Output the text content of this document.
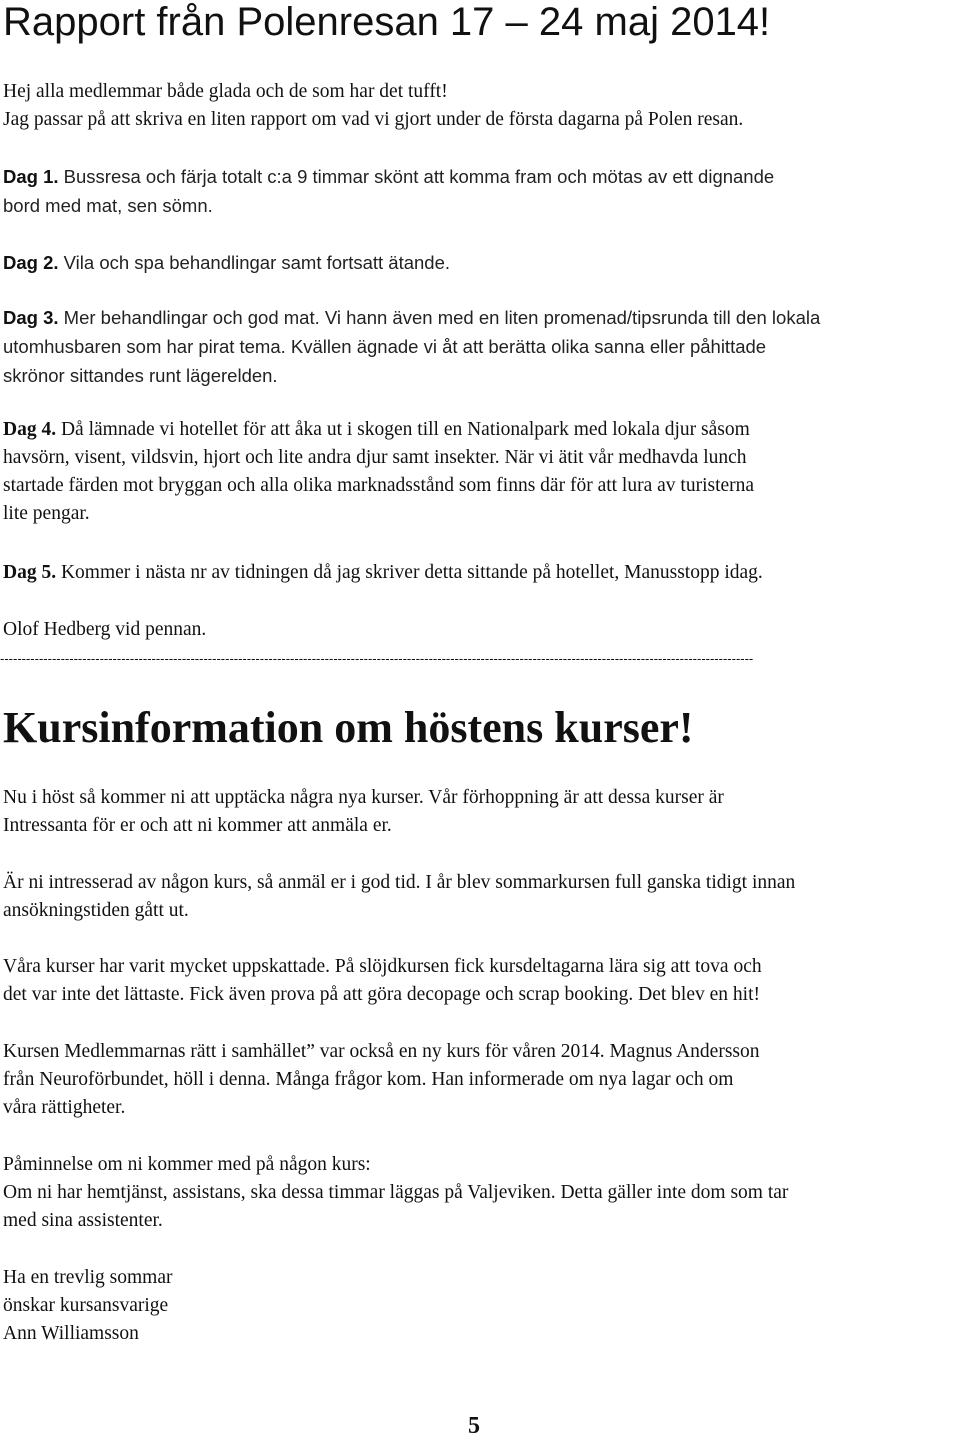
Rapport från Polenresan 17 – 24 maj 2014!
Hej alla medlemmar både glada och de som har det tufft!
Jag passar på att skriva en liten rapport om vad vi gjort under de första dagarna på Polen resan.
Dag 1. Bussresa och färja totalt c:a 9 timmar skönt att komma fram och mötas av ett dignande
bord med mat, sen sömn.
Dag 2. Vila och spa behandlingar samt fortsatt ätande.
Dag 3. Mer behandlingar och god mat. Vi hann även med en liten promenad/tipsrunda till den lokala
utomhusbaren som har pirat tema. Kvällen ägnade vi åt att berätta olika sanna eller påhittade
skrönor sittandes runt lägerelden.
Dag 4. Då lämnade vi hotellet för att åka ut i skogen till en Nationalpark med lokala djur såsom
havsörn, visent, vildsvin, hjort och lite andra djur samt insekter. När vi ätit vår medhavda lunch
startade färden mot bryggan och alla olika marknadsstånd som finns där för att lura av turisterna
lite pengar.
Dag 5. Kommer i nästa nr av tidningen då jag skriver detta sittande på hotellet, Manusstopp idag.
Olof Hedberg vid pennan.
------------------------------------------------------------------------------------------------------------------------------------------------------------------------------
Kursinformation om höstens kurser!
Nu i höst så kommer ni att upptäcka några nya kurser. Vår förhoppning är att dessa kurser är
Intressanta för er och att ni kommer att anmäla er.
Är ni intresserad av någon kurs, så anmäl er i god tid. I år blev sommarkursen full ganska tidigt innan
ansökningstiden gått ut.
Våra kurser har varit mycket uppskattade. På slöjdkursen fick kursdeltagarna lära sig att tova och
det var inte det lättaste. Fick även prova på att göra decopage och scrap booking. Det blev en hit!
Kursen Medlemmarnas rätt i samhället” var också en ny kurs för våren 2014. Magnus Andersson
från Neuroförbundet, höll i denna. Många frågor kom. Han informerade om nya lagar och om
våra rättigheter.
Påminnelse om ni kommer med på någon kurs:
Om ni har hemtjänst, assistans, ska dessa timmar läggas på Valjeviken. Detta gäller inte dom som tar
med sina assistenter.
Ha en trevlig sommar
önskar kursansvarige
Ann Williamsson
5
